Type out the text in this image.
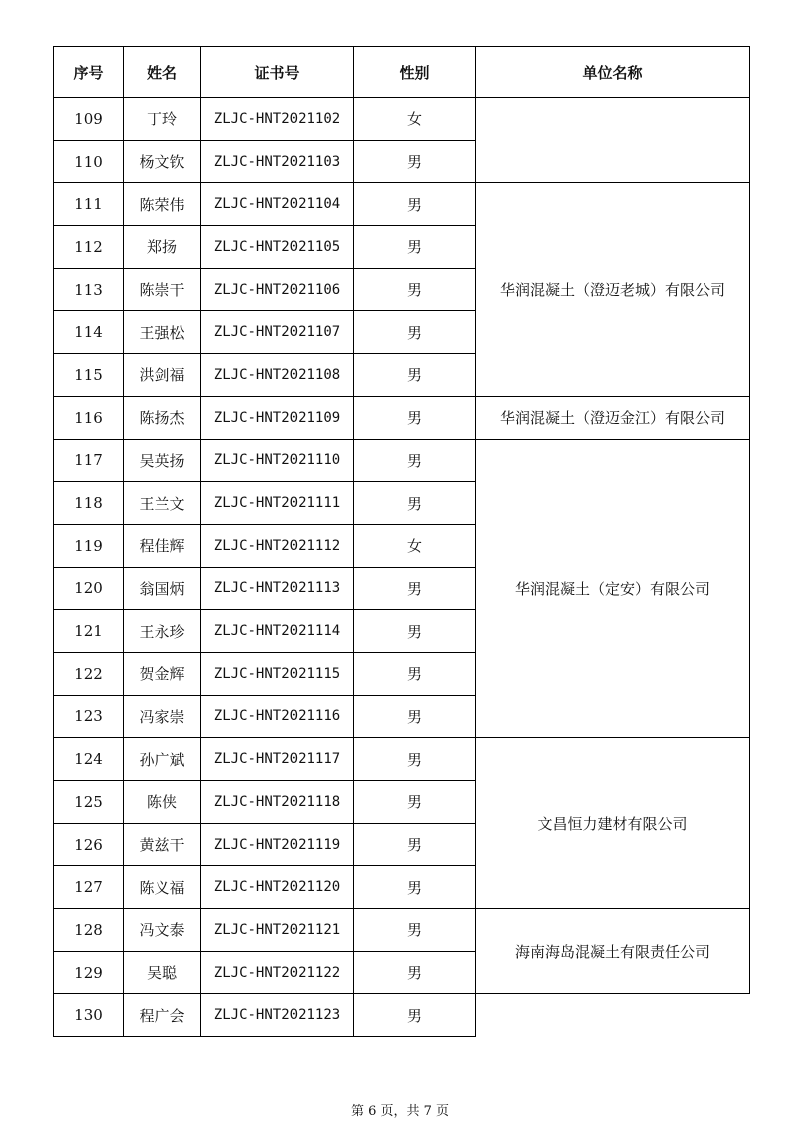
序号	姓名	证书号	性别	单位名称
109	丁玲	ZLJC-HNT2021102	女	
110	杨文钦	ZLJC-HNT2021103	男	
111	陈荣伟	ZLJC-HNT2021104	男	华润混凝土（澄迈老城）有限公司
112	郑扬	ZLJC-HNT2021105	男	
113	陈崇干	ZLJC-HNT2021106	男	
114	王强松	ZLJC-HNT2021107	男	
115	洪剑福	ZLJC-HNT2021108	男	
116	陈扬杰	ZLJC-HNT2021109	男	华润混凝土（澄迈金江）有限公司
117	吴英扬	ZLJC-HNT2021110	男	华润混凝土（定安）有限公司
118	王兰文	ZLJC-HNT2021111	男	
119	程佳辉	ZLJC-HNT2021112	女	
120	翁国炳	ZLJC-HNT2021113	男	
121	王永珍	ZLJC-HNT2021114	男	
122	贺金辉	ZLJC-HNT2021115	男	
123	冯家崇	ZLJC-HNT2021116	男	
124	孙广斌	ZLJC-HNT2021117	男	文昌恒力建材有限公司
125	陈侠	ZLJC-HNT2021118	男	
126	黄兹干	ZLJC-HNT2021119	男	
127	陈义福	ZLJC-HNT2021120	男	
128	冯文泰	ZLJC-HNT2021121	男	海南海岛混凝土有限责任公司
129	吴聪	ZLJC-HNT2021122	男	
130	程广会	ZLJC-HNT2021123	男	
第 6 页，共 7 页
